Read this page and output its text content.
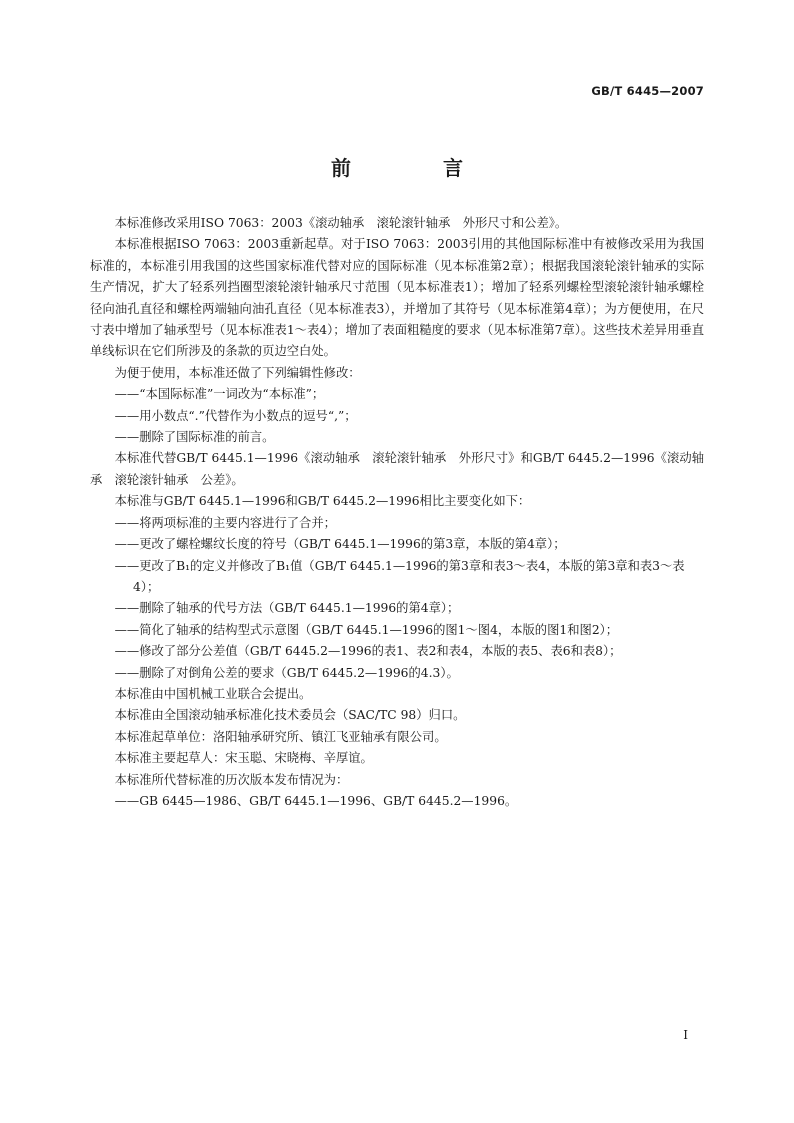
GB/T 6445—2007
前　言

本标准修改采用ISO 7063：2003《滚动轴承　滚轮滚针轴承　外形尺寸和公差》。

本标准根据ISO 7063：2003重新起草。对于ISO 7063：2003引用的其他国际标准中有被修改采用为我国标准的，本标准引用我国的这些国家标准代替对应的国际标准（见本标准第2章）；根据我国滚轮滚针轴承的实际生产情况，扩大了轻系列挡圈型滚轮滚针轴承尺寸范围（见本标准表1）；增加了轻系列螺栓型滚轮滚针轴承螺栓径向油孔直径和螺栓两端轴向油孔直径（见本标准表3），并增加了其符号（见本标准第4章）；为方便使用，在尺寸表中增加了轴承型号（见本标准表1～表4）；增加了表面粗糙度的要求（见本标准第7章）。这些技术差异用垂直单线标识在它们所涉及的条款的页边空白处。

为便于使用，本标准还做了下列编辑性修改：

——“本国际标准”一词改为“本标准”；

——用小数点“.”代替作为小数点的逗号“,”；

——删除了国际标准的前言。

本标准代替GB/T 6445.1—1996《滚动轴承　滚轮滚针轴承　外形尺寸》和GB/T 6445.2—1996《滚动轴承　滚轮滚针轴承　公差》。

本标准与GB/T 6445.1—1996和GB/T 6445.2—1996相比主要变化如下：

——将两项标准的主要内容进行了合并；

——更改了螺栓螺纹长度的符号（GB/T 6445.1—1996的第3章，本版的第4章）；

——更改了B₁的定义并修改了B₁值（GB/T 6445.1—1996的第3章和表3～表4，本版的第3章和表3～表4）；

——删除了轴承的代号方法（GB/T 6445.1—1996的第4章）；

——简化了轴承的结构型式示意图（GB/T 6445.1—1996的图1～图4，本版的图1和图2）；

——修改了部分公差值（GB/T 6445.2—1996的表1、表2和表4，本版的表5、表6和表8）；

——删除了对倒角公差的要求（GB/T 6445.2—1996的4.3）。

本标准由中国机械工业联合会提出。

本标准由全国滚动轴承标准化技术委员会（SAC/TC 98）归口。

本标准起草单位：洛阳轴承研究所、镇江飞亚轴承有限公司。

本标准主要起草人：宋玉聪、宋晓梅、辛厚谊。

本标准所代替标准的历次版本发布情况为：

——GB 6445—1986、GB/T 6445.1—1996、GB/T 6445.2—1996。

I
